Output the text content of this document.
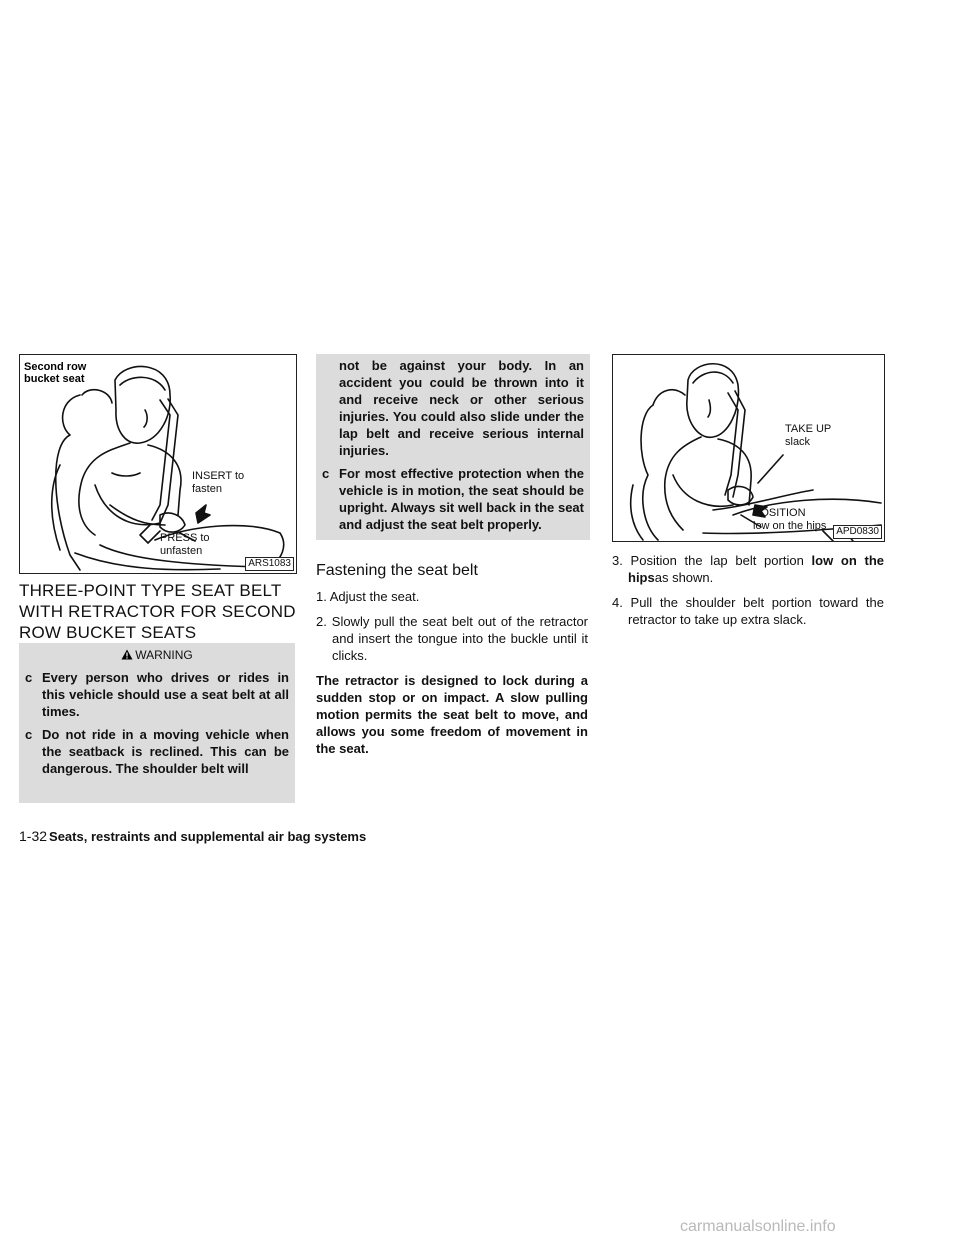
Second row
bucket seat
INSERT to
fasten
PRESS to
unfasten
ARS1083
THREE-POINT TYPE SEAT BELT
WITH RETRACTOR FOR SECOND
ROW BUCKET SEATS
WARNING
c Every person who drives or rides in this vehicle should use a seat belt at all times.
c Do not ride in a moving vehicle when the seatback is reclined. This can be dangerous. The shoulder belt will
not be against your body. In an accident you could be thrown into it and receive neck or other serious injuries. You could also slide under the lap belt and receive serious internal injuries.
c For most effective protection when the vehicle is in motion, the seat should be upright. Always sit well back in the seat and adjust the seat belt properly.
Fastening the seat belt
1. Adjust the seat.
2. Slowly pull the seat belt out of the retractor and insert the tongue into the buckle until it clicks.
The retractor is designed to lock during a sudden stop or on impact. A slow pulling motion permits the seat belt to move, and allows you some freedom of movement in the seat.
TAKE UP
slack
POSITION
low on the hips APD0830
3. Position the lap belt portion low on the hipsas shown.
4. Pull the shoulder belt portion toward the retractor to take up extra slack.
1-32 Seats, restraints and supplemental air bag systems
carmanualsonline.info
